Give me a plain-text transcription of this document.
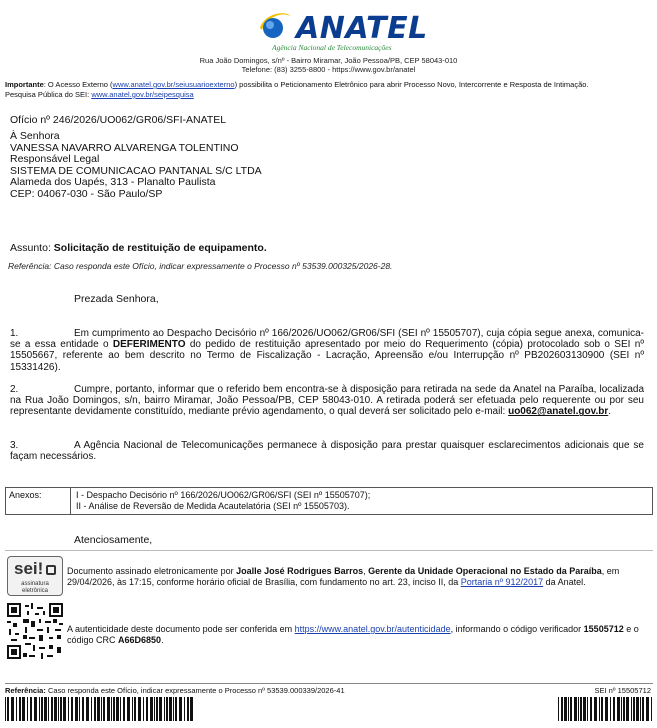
ANATEL
Agência Nacional de Telecomunicações
Rua João Domingos, s/nº - Bairro Miramar, João Pessoa/PB, CEP 58043-010
Telefone: (83) 3255-8800 - https://www.gov.br/anatel
Importante: O Acesso Externo (www.anatel.gov.br/seiusuarioexterno) possibilita o Peticionamento Eletrônico para abrir Processo Novo, Intercorrente e Resposta de Intimação.
Pesquisa Pública do SEI: www.anatel.gov.br/seipesquisa
Ofício nº 246/2026/UO062/GR06/SFI-ANATEL
À Senhora
VANESSA NAVARRO ALVARENGA TOLENTINO
Responsável Legal
SISTEMA DE COMUNICACAO PANTANAL S/C LTDA
Alameda dos Uapés, 313 - Planalto Paulista
CEP: 04067-030 - São Paulo/SP
Assunto: Solicitação de restituição de equipamento.
Referência: Caso responda este Ofício, indicar expressamente o Processo nº 53539.000325/2026-28.
Prezada Senhora,
1.	Em cumprimento ao Despacho Decisório nº 166/2026/UO062/GR06/SFI (SEI nº 15505707), cuja cópia segue anexa, comunica-se a essa entidade o DEFERIMENTO do pedido de restituição apresentado por meio do Requerimento (cópia) protocolado sob o SEI nº 15505667, referente ao bem descrito no Termo de Fiscalização - Lacração, Apreensão e/ou Interrupção nº PB202603130900 (SEI nº 15331426).
2.	Cumpre, portanto, informar que o referido bem encontra-se à disposição para retirada na sede da Anatel na Paraíba, localizada na Rua João Domingos, s/n, bairro Miramar, João Pessoa/PB, CEP 58043-010. A retirada poderá ser efetuada pelo requerente ou por seu representante devidamente constituído, mediante prévio agendamento, o qual deverá ser solicitado pelo e-mail: uo062@anatel.gov.br.
3.	A Agência Nacional de Telecomunicações permanece à disposição para prestar quaisquer esclarecimentos adicionais que se façam necessários.
Anexos:	I - Despacho Decisório nº 166/2026/UO062/GR06/SFI (SEI nº 15505707);
II - Análise de Reversão de Medida Acautelatória (SEI nº 15505703).
Atenciosamente,
sei!
assinatura
eletrônica
Documento assinado eletronicamente por Joalle José Rodrigues Barros, Gerente da Unidade Operacional no Estado da Paraíba, em 29/04/2026, às 17:15, conforme horário oficial de Brasília, com fundamento no art. 23, inciso II, da Portaria nº 912/2017 da Anatel.
A autenticidade deste documento pode ser conferida em https://www.anatel.gov.br/autenticidade, informando o código verificador 15505712 e o código CRC A66D6850.
Referência: Caso responda este Ofício, indicar expressamente o Processo nº 53539.000339/2026-41	SEI nº 15505712
